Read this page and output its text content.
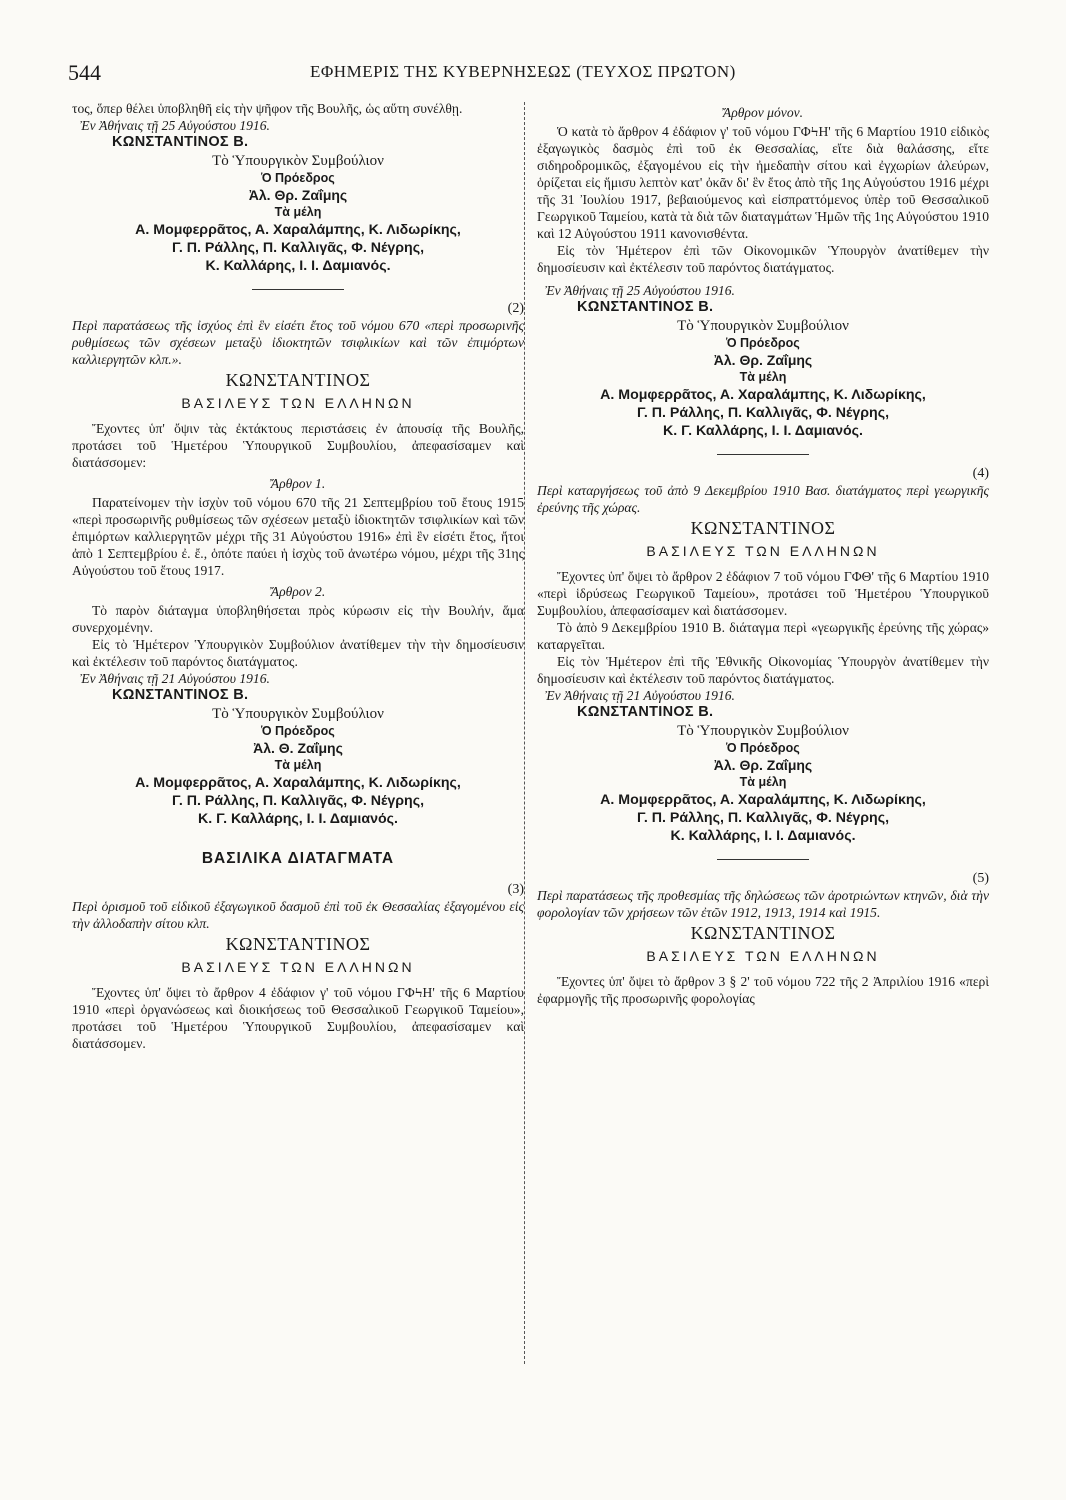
544	ΕΦΗΜΕΡΙΣ ΤΗΣ ΚΥΒΕΡΝΗΣΕΩΣ (ΤΕΥΧΟΣ ΠΡΩΤΟΝ)

τος, ὅπερ θέλει ὑποβληθῆ εἰς τὴν ψῆφον τῆς Βουλῆς, ὡς αὕτη συνέλθῃ.

Ἐν Ἀθήναις τῇ 25 Αὐγούστου 1916.

ΚΩΝΣΤΑΝΤΙΝΟΣ Β.
Τὸ Ὑπουργικὸν Συμβούλιον
Ὁ Πρόεδρος
Ἀλ. Θρ. Ζαΐμης
Τὰ μέλη
Α. Μομφερρᾶτος, Α. Χαραλάμπης, Κ. Λιδωρίκης,
Γ. Π. Ράλλης, Π. Καλλιγᾶς, Φ. Νέγρης,
Κ. Καλλάρης, Ι. Ι. Δαμιανός.
(2)

Περὶ παρατάσεως τῆς ἰσχύος ἐπὶ ἓν εἰσέτι ἔτος τοῦ νόμου 670 «περὶ προσωρινῆς ρυθμίσεως τῶν σχέσεων μεταξὺ ἰδιοκτητῶν τσιφλικίων καὶ τῶν ἐπιμόρτων καλλιεργητῶν κλπ.».

ΚΩΝΣΤΑΝΤΙΝΟΣ
ΒΑΣΙΛΕΥΣ ΤΩΝ ΕΛΛΗΝΩΝ

Ἔχοντες ὑπ' ὄψιν τὰς ἐκτάκτους περιστάσεις ἐν ἀπουσίᾳ τῆς Βουλῆς, προτάσει τοῦ Ἡμετέρου Ὑπουργικοῦ Συμβουλίου, ἀπεφασίσαμεν καὶ διατάσσομεν:

Ἄρθρον 1.

Παρατείνομεν τὴν ἰσχὺν τοῦ νόμου 670 τῆς 21 Σεπτεμβρίου τοῦ ἔτους 1915 «περὶ προσωρινῆς ρυθμίσεως τῶν σχέσεων μεταξὺ ἰδιοκτητῶν τσιφλικίων καὶ τῶν ἐπιμόρτων καλλιεργητῶν μέχρι τῆς 31 Αὐγούστου 1916» ἐπὶ ἓν εἰσέτι ἔτος, ἤτοι ἀπὸ 1 Σεπτεμβρίου ἐ. ἔ., ὁπότε παύει ἡ ἰσχὺς τοῦ ἀνωτέρω νόμου, μέχρι τῆς 31ης Αὐγούστου τοῦ ἔτους 1917.

Ἄρθρον 2.

Τὸ παρὸν διάταγμα ὑποβληθήσεται πρὸς κύρωσιν εἰς τὴν Βουλήν, ἅμα συνερχομένην.

Εἰς τὸ Ἡμέτερον Ὑπουργικὸν Συμβούλιον ἀνατίθεμεν τὴν τὴν δημοσίευσιν καὶ ἐκτέλεσιν τοῦ παρόντος διατάγματος.

Ἐν Ἀθήναις τῇ 21 Αὐγούστου 1916.

ΚΩΝΣΤΑΝΤΙΝΟΣ Β.
Τὸ Ὑπουργικὸν Συμβούλιον
Ὁ Πρόεδρος
Ἀλ. Θ. Ζαΐμης
Τὰ μέλη
Α. Μομφερρᾶτος, Α. Χαραλάμπης, Κ. Λιδωρίκης,
Γ. Π. Ράλλης, Π. Καλλιγᾶς, Φ. Νέγρης,
Κ. Γ. Καλλάρης, Ι. Ι. Δαμιανός.
ΒΑΣΙΛΙΚΑ ΔΙΑΤΑΓΜΑΤΑ
(3)

Περὶ ὁρισμοῦ τοῦ εἰδικοῦ ἐξαγωγικοῦ δασμοῦ ἐπὶ τοῦ ἐκ Θεσσαλίας ἐξαγομένου εἰς τὴν ἀλλοδαπὴν σίτου κλπ.

ΚΩΝΣΤΑΝΤΙΝΟΣ
ΒΑΣΙΛΕΥΣ ΤΩΝ ΕΛΛΗΝΩΝ

Ἔχοντες ὑπ' ὄψει τὸ ἄρθρον 4 ἐδάφιον γ' τοῦ νόμου ΓΦϞΗ' τῆς 6 Μαρτίου 1910 «περὶ ὀργανώσεως καὶ διοικήσεως τοῦ Θεσσαλικοῦ Γεωργικοῦ Ταμείου», προτάσει τοῦ Ἡμετέρου Ὑπουργικοῦ Συμβουλίου, ἀπεφασίσαμεν καὶ διατάσσομεν.

Ἄρθρον μόνον.

Ὁ κατὰ τὸ ἄρθρον 4 ἐδάφιον γ' τοῦ νόμου ΓΦϞΗ' τῆς 6 Μαρτίου 1910 εἰδικὸς ἐξαγωγικὸς δασμὸς ἐπὶ τοῦ ἐκ Θεσσαλίας, εἴτε διὰ θαλάσσης, εἴτε σιδηροδρομικῶς, ἐξαγομένου εἰς τὴν ἠμεδαπὴν σίτου καὶ ἐγχωρίων ἀλεύρων, ὁρίζεται εἰς ἥμισυ λεπτὸν κατ' ὀκᾶν δι' ἓν ἔτος ἀπὸ τῆς 1ης Αὐγούστου 1916 μέχρι τῆς 31 Ἰουλίου 1917, βεβαιούμενος καὶ εἰσπραττόμενος ὑπὲρ τοῦ Θεσσαλικοῦ Γεωργικοῦ Ταμείου, κατὰ τὰ διὰ τῶν διαταγμάτων Ἡμῶν τῆς 1ης Αὐγούστου 1910 καὶ 12 Αὐγούστου 1911 κανονισθέντα.

Εἰς τὸν Ἡμέτερον ἐπὶ τῶν Οἰκονομικῶν Ὑπουργὸν ἀνατίθεμεν τὴν δημοσίευσιν καὶ ἐκτέλεσιν τοῦ παρόντος διατάγματος.

Ἐν Ἀθήναις τῇ 25 Αὐγούστου 1916.

ΚΩΝΣΤΑΝΤΙΝΟΣ Β.
Τὸ Ὑπουργικὸν Συμβούλιον
Ὁ Πρόεδρος
Ἀλ. Θρ. Ζαΐμης
Τὰ μέλη
Α. Μομφερρᾶτος, Α. Χαραλάμπης, Κ. Λιδωρίκης,
Γ. Π. Ράλλης, Π. Καλλιγᾶς, Φ. Νέγρης,
Κ. Γ. Καλλάρης, Ι. Ι. Δαμιανός.
(4)

Περὶ καταργήσεως τοῦ ἀπὸ 9 Δεκεμβρίου 1910 Βασ. διατάγματος περὶ γεωργικῆς ἐρεύνης τῆς χώρας.

ΚΩΝΣΤΑΝΤΙΝΟΣ
ΒΑΣΙΛΕΥΣ ΤΩΝ ΕΛΛΗΝΩΝ

Ἔχοντες ὑπ' ὄψει τὸ ἄρθρον 2 ἐδάφιον 7 τοῦ νόμου ΓΦΘ' τῆς 6 Μαρτίου 1910 «περὶ ἱδρύσεως Γεωργικοῦ Ταμείου», προτάσει τοῦ Ἡμετέρου Ὑπουργικοῦ Συμβουλίου, ἀπεφασίσαμεν καὶ διατάσσομεν.

Τὸ ἀπὸ 9 Δεκεμβρίου 1910 Β. διάταγμα περὶ «γεωργικῆς ἐρεύνης τῆς χώρας» καταργεῖται.

Εἰς τὸν Ἡμέτερον ἐπὶ τῆς Ἐθνικῆς Οἰκονομίας Ὑπουργὸν ἀνατίθεμεν τὴν δημοσίευσιν καὶ ἐκτέλεσιν τοῦ παρόντος διατάγματος.

Ἐν Ἀθήναις τῇ 21 Αὐγούστου 1916.

ΚΩΝΣΤΑΝΤΙΝΟΣ Β.
Τὸ Ὑπουργικὸν Συμβούλιον
Ὁ Πρόεδρος
Ἀλ. Θρ. Ζαΐμης
Τὰ μέλη
Α. Μομφερρᾶτος, Α. Χαραλάμπης, Κ. Λιδωρίκης,
Γ. Π. Ράλλης, Π. Καλλιγᾶς, Φ. Νέγρης,
Κ. Καλλάρης, Ι. Ι. Δαμιανός.
(5)

Περὶ παρατάσεως τῆς προθεσμίας τῆς δηλώσεως τῶν ἀροτριώντων κτηνῶν, διὰ τὴν φορολογίαν τῶν χρήσεων τῶν ἐτῶν 1912, 1913, 1914 καὶ 1915.

ΚΩΝΣΤΑΝΤΙΝΟΣ
ΒΑΣΙΛΕΥΣ ΤΩΝ ΕΛΛΗΝΩΝ

Ἔχοντες ὑπ' ὄψει τὸ ἄρθρον 3 § 2' τοῦ νόμου 722 τῆς 2 Ἀπριλίου 1916 «περὶ ἐφαρμογῆς τῆς προσωρινῆς φορολογίας
